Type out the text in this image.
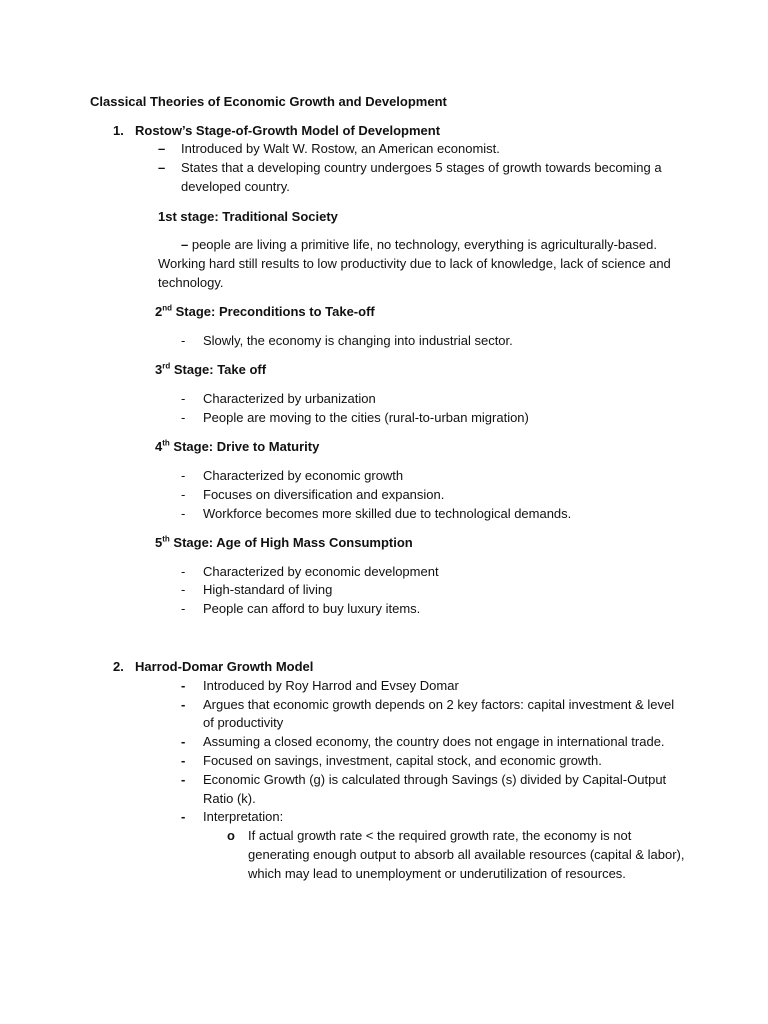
Classical Theories of Economic Growth and Development
1. Rostow’s Stage-of-Growth Model of Development
– Introduced by Walt W. Rostow, an American economist.
– States that a developing country undergoes 5 stages of growth towards becoming a
developed country.
1st stage: Traditional Society
– people are living a primitive life, no technology, everything is agriculturally-based.
Working hard still results to low productivity due to lack of knowledge, lack of science and
technology.
2nd Stage: Preconditions to Take-off
- Slowly, the economy is changing into industrial sector.
3rd Stage: Take off
- Characterized by urbanization
- People are moving to the cities (rural-to-urban migration)
4th Stage: Drive to Maturity
- Characterized by economic growth
- Focuses on diversification and expansion.
- Workforce becomes more skilled due to technological demands.
5th Stage: Age of High Mass Consumption
- Characterized by economic development
- High-standard of living
- People can afford to buy luxury items.
2. Harrod-Domar Growth Model
- Introduced by Roy Harrod and Evsey Domar
- Argues that economic growth depends on 2 key factors: capital investment & level
of productivity
- Assuming a closed economy, the country does not engage in international trade.
- Focused on savings, investment, capital stock, and economic growth.
- Economic Growth (g) is calculated through Savings (s) divided by Capital-Output
Ratio (k).
- Interpretation:
o If actual growth rate < the required growth rate, the economy is not
generating enough output to absorb all available resources (capital & labor),
which may lead to unemployment or underutilization of resources.
